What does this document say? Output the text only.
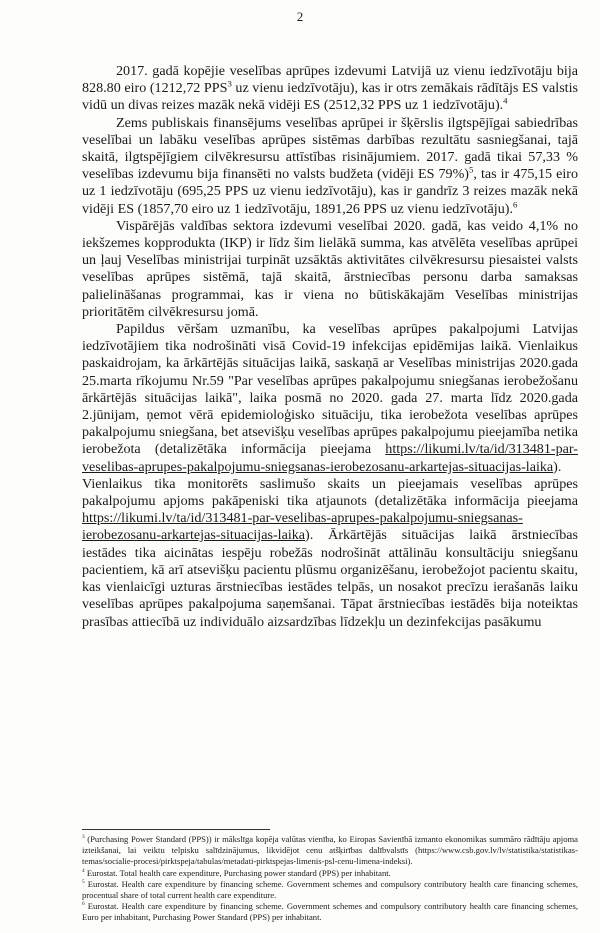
2

2017. gadā kopējie veselības aprūpes izdevumi Latvijā uz vienu iedzīvotāju bija 828.80 eiro (1212,72 PPS$^3$ uz vienu iedzīvotāju), kas ir otrs zemākais rādītājs ES valstis vidū un divas reizes mazāk nekā vidēji ES (2512,32 PPS uz 1 iedzīvotāju).$^4$

Zems publiskais finansējums veselības aprūpei ir šķērslis ilgtspējīgai sabiedrības veselībai un labāku veselības aprūpes sistēmas darbības rezultātu sasniegšanai, tajā skaitā, ilgtspējīgiem cilvēkresursu attīstības risinājumiem. 2017. gadā tikai 57,33 % veselības izdevumu bija finansēti no valsts budžeta (vidēji ES 79%)$^5$, tas ir 475,15 eiro uz 1 iedzīvotāju (695,25 PPS uz vienu iedzīvotāju), kas ir gandrīz 3 reizes mazāk nekā vidēji ES (1857,70 eiro uz 1 iedzīvotāju, 1891,26 PPS uz vienu iedzīvotāju).$^6$

Vispārējās valdības sektora izdevumi veselībai 2020. gadā, kas veido 4,1% no iekšzemes kopprodukta (IKP) ir līdz šim lielākā summa, kas atvēlēta veselības aprūpei un ļauj Veselības ministrijai turpināt uzsāktās aktivitātes cilvēkresursu piesaistei valsts veselības aprūpes sistēmā, tajā skaitā, ārstniecības personu darba samaksas palielināšanas programmai, kas ir viena no būtiskākajām Veselības ministrijas prioritātēm cilvēkresursu jomā.

Papildus vēršam uzmanību, ka veselības aprūpes pakalpojumi Latvijas iedzīvotājiem tika nodrošināti visā Covid-19 infekcijas epidēmijas laikā. Vienlaikus paskaidrojam, ka ārkārtējās situācijas laikā, saskaņā ar Veselības ministrijas 2020.gada 25.marta rīkojumu Nr.59 "Par veselības aprūpes pakalpojumu sniegšanas ierobežošanu ārkārtējās situācijas laikā", laika posmā no 2020. gada 27. marta līdz 2020.gada 2.jūnijam, ņemot vērā epidemioloģisko situāciju, tika ierobežota veselības aprūpes pakalpojumu sniegšana, bet atsevišķu veselības aprūpes pakalpojumu pieejamība netika ierobežota (detalizētāka informācija pieejama https://likumi.lv/ta/id/313481-par-veselibas-aprupes-pakalpojumu-sniegsanas-ierobezosanu-arkartejas-situacijas-laika). Vienlaikus tika monitorēts saslimušo skaits un pieejamais veselības aprūpes pakalpojumu apjoms pakāpeniski tika atjaunots (detalizētāka informācija pieejama https://likumi.lv/ta/id/313481-par-veselibas-aprupes-pakalpojumu-sniegsanas-ierobezosanu-arkartejas-situacijas-laika). Ārkārtējās situācijas laikā ārstniecības iestādes tika aicinātas iespēju robežās nodrošināt attālināu konsultāciju sniegšanu pacientiem, kā arī atsevišķu pacientu plūsmu organizēšanu, ierobežojot pacientu skaitu, kas vienlaicīgi uzturas ārstniecības iestādes telpās, un nosakot precīzu ierašanās laiku veselības aprūpes pakalpojuma saņemšanai. Tāpat ārstniecības iestādēs bija noteiktas prasības attiecībā uz individuālo aizsardzības līdzekļu un dezinfekcijas pasākumu

$^3$ (Purchasing Power Standard (PPS)) ir mākslīga kopēja valūtas vienība, ko Eiropas Savienībā izmanto ekonomikas summāro rādītāju apjoma izteikšanai, lai veiktu telpisku salīdzinājumus, likvidējot cenu atšķirības dalībvalstīs (https://www.csb.gov.lv/lv/statistika/statistikas-temas/socialie-procesi/pirktspeja/tabulas/metadati-pirktspejas-limenis-psl-cenu-limena-indeksi).

$^4$ Eurostat. Total health care expenditure, Purchasing power standard (PPS) per inhabitant.

$^5$ Eurostat. Health care expenditure by financing scheme. Government schemes and compulsory contributory health care financing schemes, procentual share of total current health care expenditure.

$^6$ Eurostat. Health care expenditure by financing scheme. Government schemes and compulsory contributory health care financing schemes, Euro per inhabitant, Purchasing Power Standard (PPS) per inhabitant.
